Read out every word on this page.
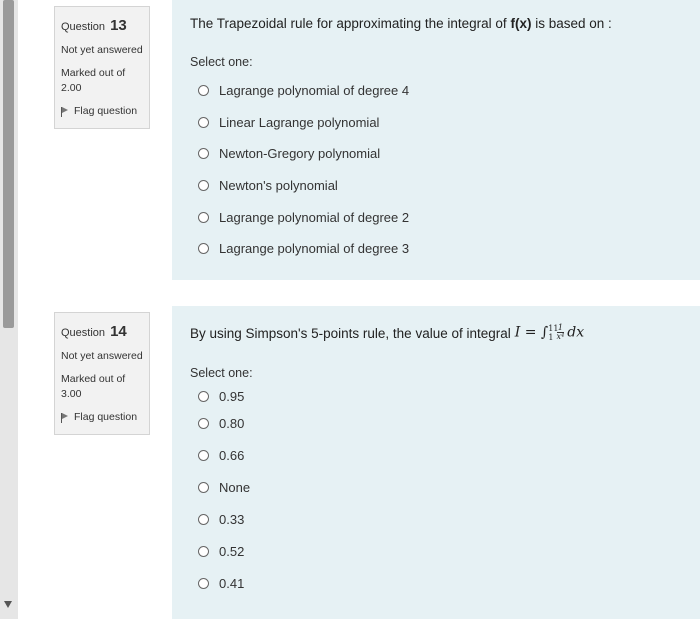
Question 13
Not yet answered
Marked out of 2.00
Flag question
The Trapezoidal rule for approximating the integral of f(x) is based on :
Select one:
Lagrange polynomial of degree 4
Linear Lagrange polynomial
Newton-Gregory polynomial
Newton's polynomial
Lagrange polynomial of degree 2
Lagrange polynomial of degree 3
Question 14
Not yet answered
Marked out of 3.00
Flag question
By using Simpson's 5-points rule, the value of integral $I = \int^{11}_1 \frac{1}{\text{x⁴}}$ dx
Select one:
0.95
0.80
0.66
None
0.33
0.52
0.41
